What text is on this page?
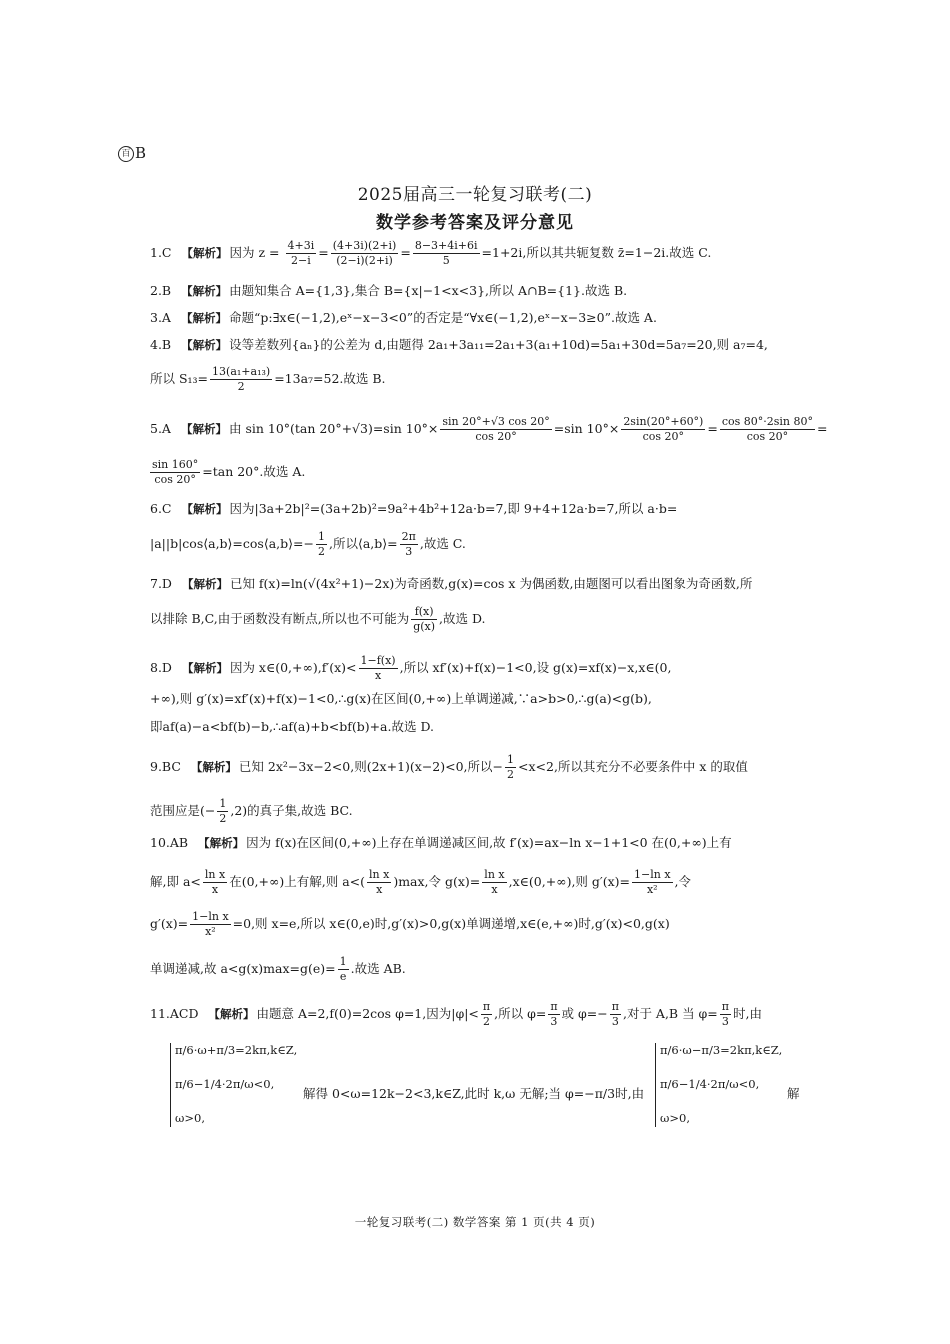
百 B
2025届高三一轮复习联考(二)
数学参考答案及评分意见
1.C 【解析】 因为 $z = \frac{4+3i}{2-i} = \frac{(4+3i)(2+i)}{(2-i)(2+i)} = \frac{8-3+4i+6i}{5} =1+2i$,所以其共轭复数 z̄=1−2i.故选 C.
2.B 【解析】 由题知集合 A={1,3},集合 B={x|−1<x<3},所以 A∩B={1}.故选 B.
3.A 【解析】 命题“p:∃x∈(−1,2),eˣ−x−3<0”的否定是“∀x∈(−1,2),eˣ−x−3≥0”.故选 A.
4.B 【解析】 设等差数列{aₙ}的公差为 d,由题得 2a₁+3a₁₁=2a₁+3(a₁+10d)=5a₁+30d=5a₇=20,则 a₇=4,
所以 $S_{13}= \frac{\text{13(a₁+a₁₃)}}{2} =13a_7=52$.故选 B.
5.A 【解析】 由 sin 10°(tan 20°+√3)=sin $10^\circ\times \frac{\sin 20^\circ+√3 \cos 20^\circ}{\cos 20^\circ} =\sin$ $10^\circ\times \frac{2\sin(20^\circ+60^\circ)}{\cos 20^\circ} = \frac{\cos 80^\circ\cdot 2\sin 80^\circ}{\cos 20^\circ}$ =
$\frac{\sin 160^\circ}{\cos 20^\circ} =\tan$ 20°.故选 A.
6.C 【解析】 因为|3a+2b|²=(3a+2b)²=9a²+4b²+12a·b=7,即 9+4+12a·b=7,所以 a·b=
|a||b|cos⟨a,b⟩=cos⟨a,b⟩=− $\frac{1}{2}$ ,所以⟨a,b⟩= $\frac{2\pi}{3}$ ,故选 C.
7.D 【解析】 已知 f(x)=ln(√(4x²+1)−2x)为奇函数,g(x)=cos x 为偶函数,由题图可以看出图象为奇函数,所
以排除 B,C,由于函数没有断点,所以也不可能为 $\frac{f(x)}{g(x)}$ ,故选 D.
8.D 【解析】 因为 x∈(0,+∞),f′(x)< $\frac{1-f(x)}{x}$ ,所以 xf′(x)+f(x)−1<0,设 g(x)=xf(x)−x,x∈(0,
+∞),则 g′(x)=xf′(x)+f(x)−1<0,∴g(x)在区间(0,+∞)上单调递减,∵a>b>0,∴g(a)<g(b),
即af(a)−a<bf(b)−b,∴af(a)+b<bf(b)+a.故选 D.
9.BC 【解析】 已知 2x²−3x−2<0,则(2x+1)(x−2)<0,所以− $\frac{1}{2} <x<2$,所以其充分不必要条件中 x 的取值
范围应是(− $\frac{1}{2} ,2$)的真子集,故选 BC.
10.AB 【解析】 因为 f(x)在区间(0,+∞)上存在单调递减区间,故 f′(x)=ax−ln x−1+1<0 在(0,+∞)上有
解,即 $a< \frac{\text{ln x}}{x}$ 在(0,+∞)上有解,则 $a<( \frac{\text{ln x}}{x} )\max$,令 $g(x)= \frac{\text{ln x}}{x}$ ,x∈(0,+∞),则 $g'(x)= \frac{\text{1−ln x}}{\text{x²}}$ ,令
$g'(x)= \frac{\text{1−ln x}}{\text{x²}} =0$,则 x=e,所以 x∈(0,e)时,g′(x)>0,g(x)单调递增,x∈(e,+∞)时,g′(x)<0,g(x)
单调递减,故 $a<g(x)\max=g(e)= \frac{1}{e}$ .故选 AB.
11.ACD 【解析】 由题意 A=2,f(0)=2cos φ=1,因为$|\varphi|< \frac{\pi}{2}$ ,所以 $\varphi= \frac{\pi}{3}$ 或 $\varphi=- \frac{\pi}{3}$ ,对于 A,B 当 $\varphi= \frac{\pi}{3}$ 时,由
π/6·ω+π/3=2kπ,k∈Z,
π/6−1/4·2π/ω<0,
ω>0,
解得 0<ω=12k−2<3,k∈Z,此时 k,ω 无解;当 φ=−π/3时,由
π/6·ω−π/3=2kπ,k∈Z,
π/6−1/4·2π/ω<0,
ω>0,
解
一轮复习联考(二) 数学答案 第 1 页(共 4 页)
